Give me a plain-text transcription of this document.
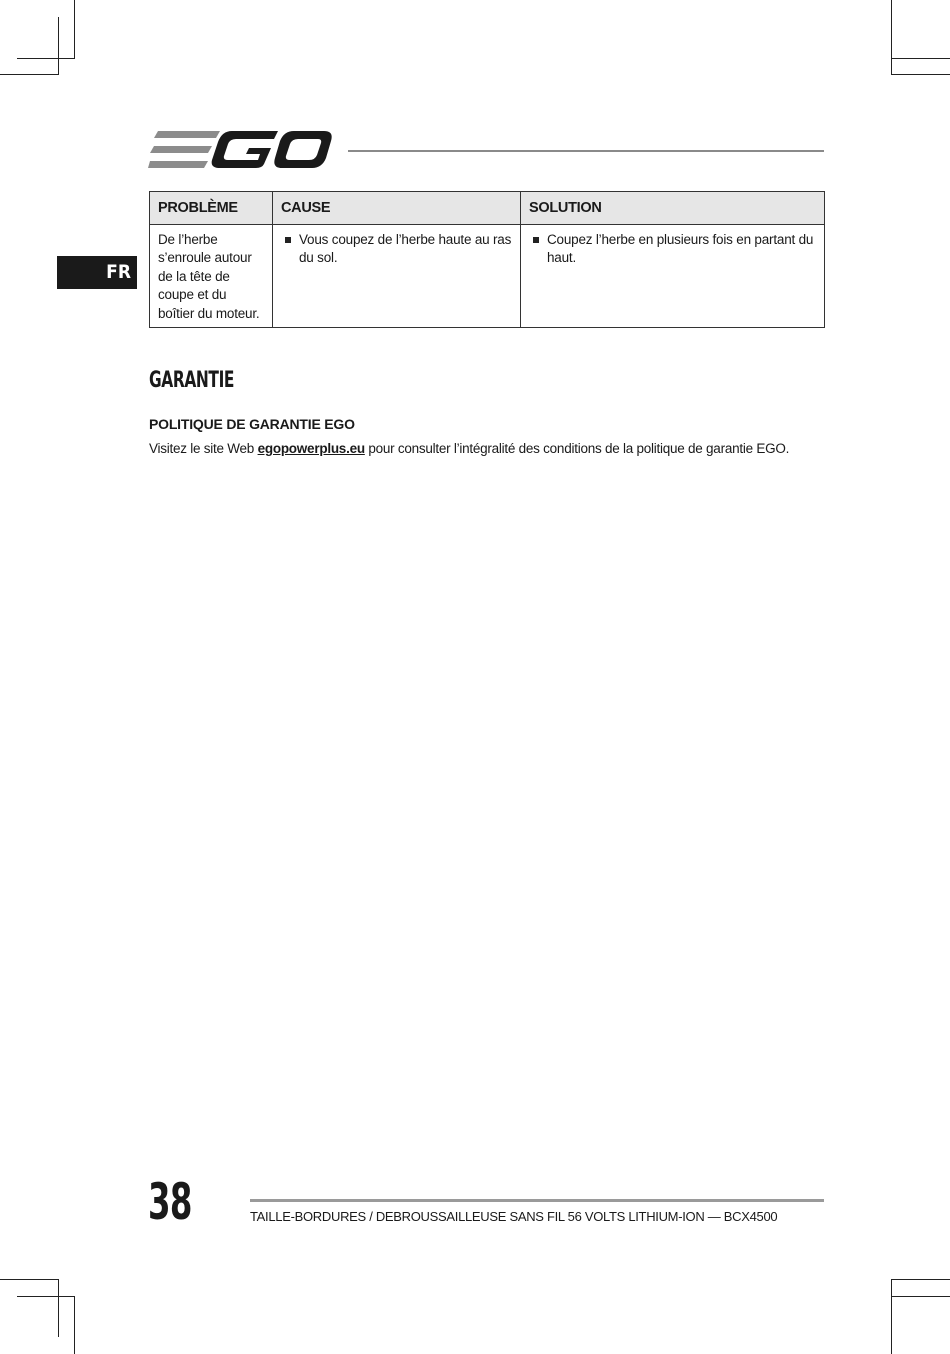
FR
PROBLÈME	CAUSE	SOLUTION
De l’herbe s’enroule autour de la tête de coupe et du boîtier du moteur.	Vous coupez de l’herbe haute au ras du sol.	Coupez l’herbe en plusieurs fois en partant du haut.
GARANTIE
POLITIQUE DE GARANTIE EGO

Visitez le site Web egopowerplus.eu pour consulter l’intégralité des conditions de la politique de garantie EGO.

38	TAILLE-BORDURES / DEBROUSSAILLEUSE SANS FIL 56 VOLTS LITHIUM-ION — BCX4500
